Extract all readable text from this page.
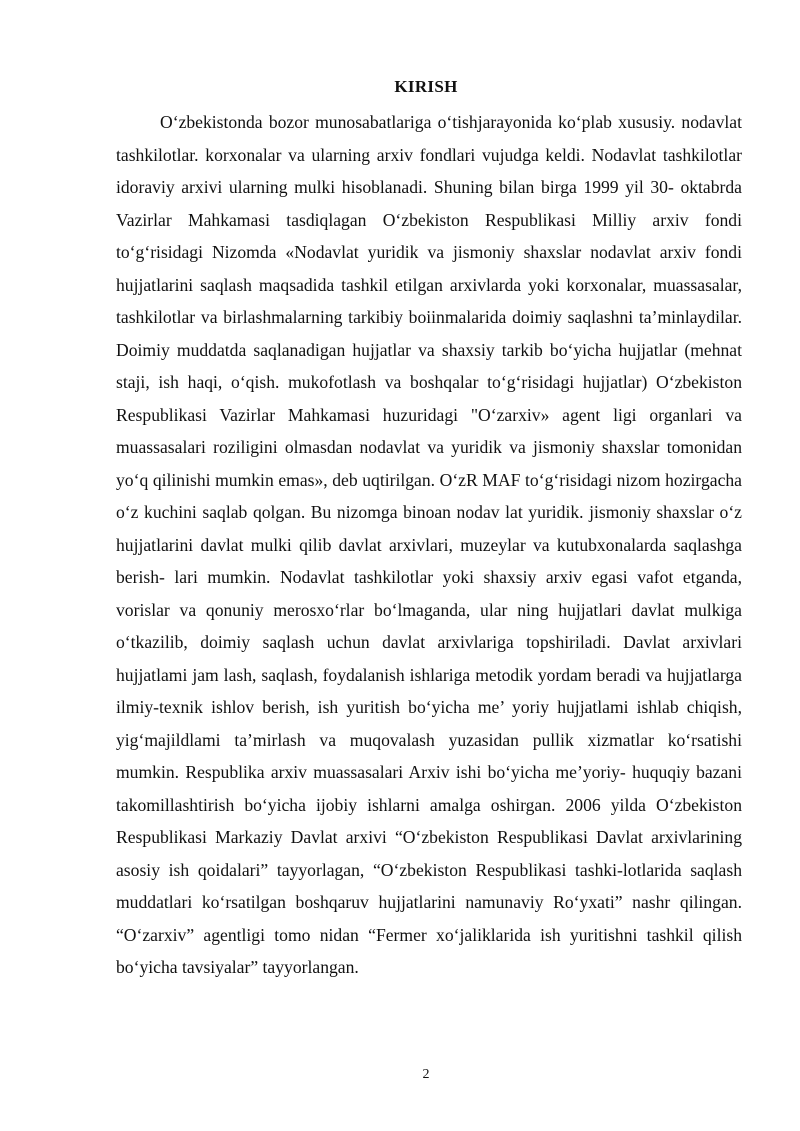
KIRISH

O‘zbekistonda bozor munosabatlariga o‘tishjarayonida ko‘plab xususiy. nodavlat tashkilotlar. korxonalar va ularning arxiv fondlari vujudga keldi. Nodavlat tashkilotlar idoraviy arxivi ularning mulki hisoblanadi. Shuning bilan birga 1999 yil 30- oktabrda Vazirlar Mahkamasi tasdiqlagan O‘zbekiston Respublikasi Milliy arxiv fondi to‘g‘risidagi Nizomda «Nodavlat yuridik va jismoniy shaxslar nodavlat arxiv fondi hujjatlarini saqlash maqsadida tashkil etilgan arxivlarda yoki korxonalar, muassasalar, tashkilotlar va birlashmalarning tarkibiy boiinmalarida doimiy saqlashni ta’minlaydilar. Doimiy muddatda saqlanadigan hujjatlar va shaxsiy tarkib bo‘yicha hujjatlar (mehnat staji, ish haqi, o‘qish. mukofotlash va boshqalar to‘g‘risidagi hujjatlar) O‘zbekiston Respublikasi Vazirlar Mahkamasi huzuridagi "O‘zarxiv» agent ligi organlari va muassasalari roziligini olmasdan nodavlat va yuridik va jismoniy shaxslar tomonidan yo‘q qilinishi mumkin emas», deb uqtirilgan. O‘zR MAF to‘g‘risidagi nizom hozirgacha o‘z kuchini saqlab qolgan. Bu nizomga binoan nodav lat yuridik. jismoniy shaxslar o‘z hujjatlarini davlat mulki qilib davlat arxivlari, muzeylar va kutubxonalarda saqlashga berish- lari mumkin. Nodavlat tashkilotlar yoki shaxsiy arxiv egasi vafot etganda, vorislar va qonuniy merosxo‘rlar bo‘lmaganda, ular ning hujjatlari davlat mulkiga o‘tkazilib, doimiy saqlash uchun davlat arxivlariga topshiriladi. Davlat arxivlari hujjatlami jam lash, saqlash, foydalanish ishlariga metodik yordam beradi va hujjatlarga ilmiy-texnik ishlov berish, ish yuritish bo‘yicha me’ yoriy hujjatlami ishlab chiqish, yig‘majildlami ta’mirlash va muqovalash yuzasidan pullik xizmatlar ko‘rsatishi mumkin. Respublika arxiv muassasalari Arxiv ishi bo‘yicha me’yoriy- huquqiy bazani takomillashtirish bo‘yicha ijobiy ishlarni amalga oshirgan. 2006 yilda O‘zbekiston Respublikasi Markaziy Davlat arxivi “O‘zbekiston Respublikasi Davlat arxivlarining asosiy ish qoidalari” tayyorlagan, “O‘zbekiston Respublikasi tashki-lotlarida saqlash muddatlari ko‘rsatilgan boshqaruv hujjatlarini namunaviy Ro‘yxati” nashr qilingan. “O‘zarxiv” agentligi tomo nidan “Fermer xo‘jaliklarida ish yuritishni tashkil qilish bo‘yicha tavsiyalar” tayyorlangan.

2
